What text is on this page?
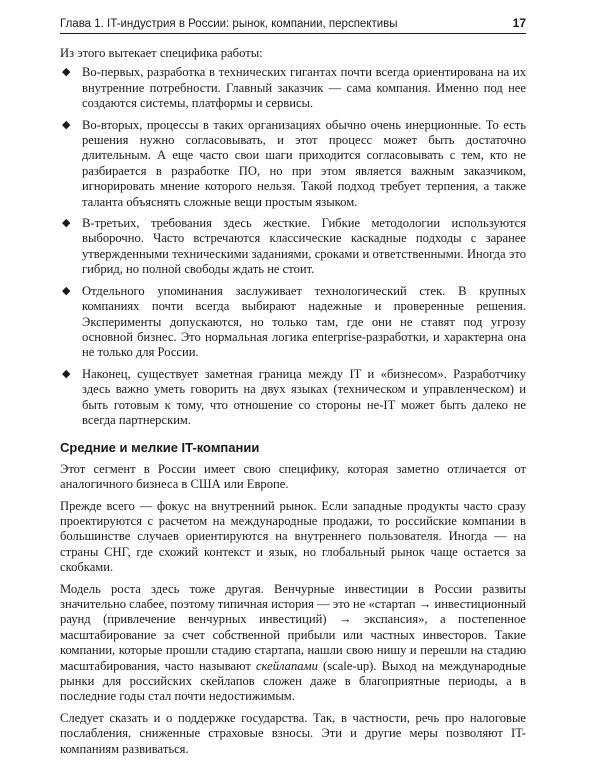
Глава 1. IT-индустрия в России: рынок, компании, перспективы	17

Из этого вытекает специфика работы:

◆ Во-первых, разработка в технических гигантах почти всегда ориентирована на их внутренние потребности. Главный заказчик — сама компания. Именно под нее создаются системы, платформы и сервисы.
◆ Во-вторых, процессы в таких организациях обычно очень инерционные. То есть решения нужно согласовывать, и этот процесс может быть достаточно длительным. А еще часто свои шаги приходится согласовывать с тем, кто не разбирается в разработке ПО, но при этом является важным заказчиком, игнорировать мнение которого нельзя. Такой подход требует терпения, а также таланта объяснять сложные вещи простым языком.
◆ В-третьих, требования здесь жесткие. Гибкие методологии используются выборочно. Часто встречаются классические каскадные подходы с заранее утвержденными техническими заданиями, сроками и ответственными. Иногда это гибрид, но полной свободы ждать не стоит.
◆ Отдельного упоминания заслуживает технологический стек. В крупных компаниях почти всегда выбирают надежные и проверенные решения. Эксперименты допускаются, но только там, где они не ставят под угрозу основной бизнес. Это нормальная логика enterprise-разработки, и характерна она не только для России.
◆ Наконец, существует заметная граница между IT и «бизнесом». Разработчику здесь важно уметь говорить на двух языках (техническом и управленческом) и быть готовым к тому, что отношение со стороны не-IT может быть далеко не всегда партнерским.
Средние и мелкие IT-компании

Этот сегмент в России имеет свою специфику, которая заметно отличается от аналогичного бизнеса в США или Европе.

Прежде всего — фокус на внутренний рынок. Если западные продукты часто сразу проектируются с расчетом на международные продажи, то российские компании в большинстве случаев ориентируются на внутреннего пользователя. Иногда — на страны СНГ, где схожий контекст и язык, но глобальный рынок чаще остается за скобками.

Модель роста здесь тоже другая. Венчурные инвестиции в России развиты значительно слабее, поэтому типичная история — это не «стартап → инвестиционный раунд (привлечение венчурных инвестиций) → экспансия», а постепенное масштабирование за счет собственной прибыли или частных инвесторов. Такие компании, которые прошли стадию стартапа, нашли свою нишу и перешли на стадию масштабирования, часто называют скейлапами (scale-up). Выход на международные рынки для российских скейлапов сложен даже в благоприятные периоды, а в последние годы стал почти недостижимым.

Следует сказать и о поддержке государства. Так, в частности, речь про налоговые послабления, сниженные страховые взносы. Эти и другие меры позволяют IT-компаниям развиваться.
